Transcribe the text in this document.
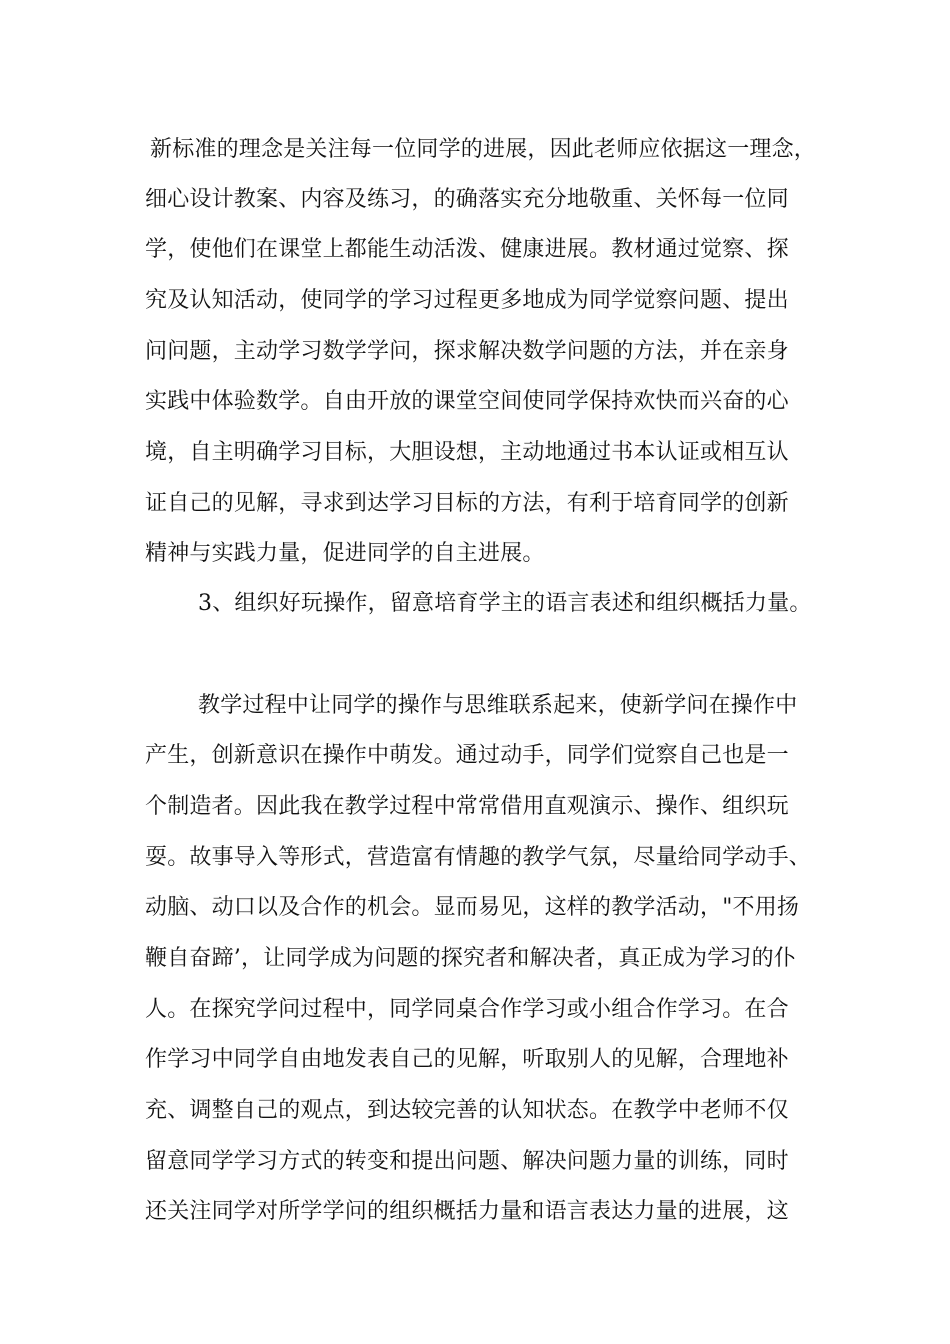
新标准的理念是关注每一位同学的进展，因此老师应依据这一理念，
细心设计教案、内容及练习，的确落实充分地敬重、关怀每一位同
学，使他们在课堂上都能生动活泼、健康进展。教材通过觉察、探
究及认知活动，使同学的学习过程更多地成为同学觉察问题、提出
问问题，主动学习数学学问，探求解决数学问题的方法，并在亲身
实践中体验数学。自由开放的课堂空间使同学保持欢快而兴奋的心
境，自主明确学习目标，大胆设想，主动地通过书本认证或相互认
证自己的见解，寻求到达学习目标的方法，有利于培育同学的创新
精神与实践力量，促进同学的自主进展。
3、组织好玩操作，留意培育学主的语言表述和组织概括力量。
教学过程中让同学的操作与思维联系起来，使新学问在操作中
产生，创新意识在操作中萌发。通过动手，同学们觉察自己也是一
个制造者。因此我在教学过程中常常借用直观演示、操作、组织玩
耍。故事导入等形式，营造富有情趣的教学气氛，尽量给同学动手、
动脑、动口以及合作的机会。显而易见，这样的教学活动，"不用扬
鞭自奋蹄’，让同学成为问题的探究者和解决者，真正成为学习的仆
人。在探究学问过程中，同学同桌合作学习或小组合作学习。在合
作学习中同学自由地发表自己的见解，听取别人的见解，合理地补
充、调整自己的观点，到达较完善的认知状态。在教学中老师不仅
留意同学学习方式的转变和提出问题、解决问题力量的训练，同时
还关注同学对所学学问的组织概括力量和语言表达力量的进展，这
